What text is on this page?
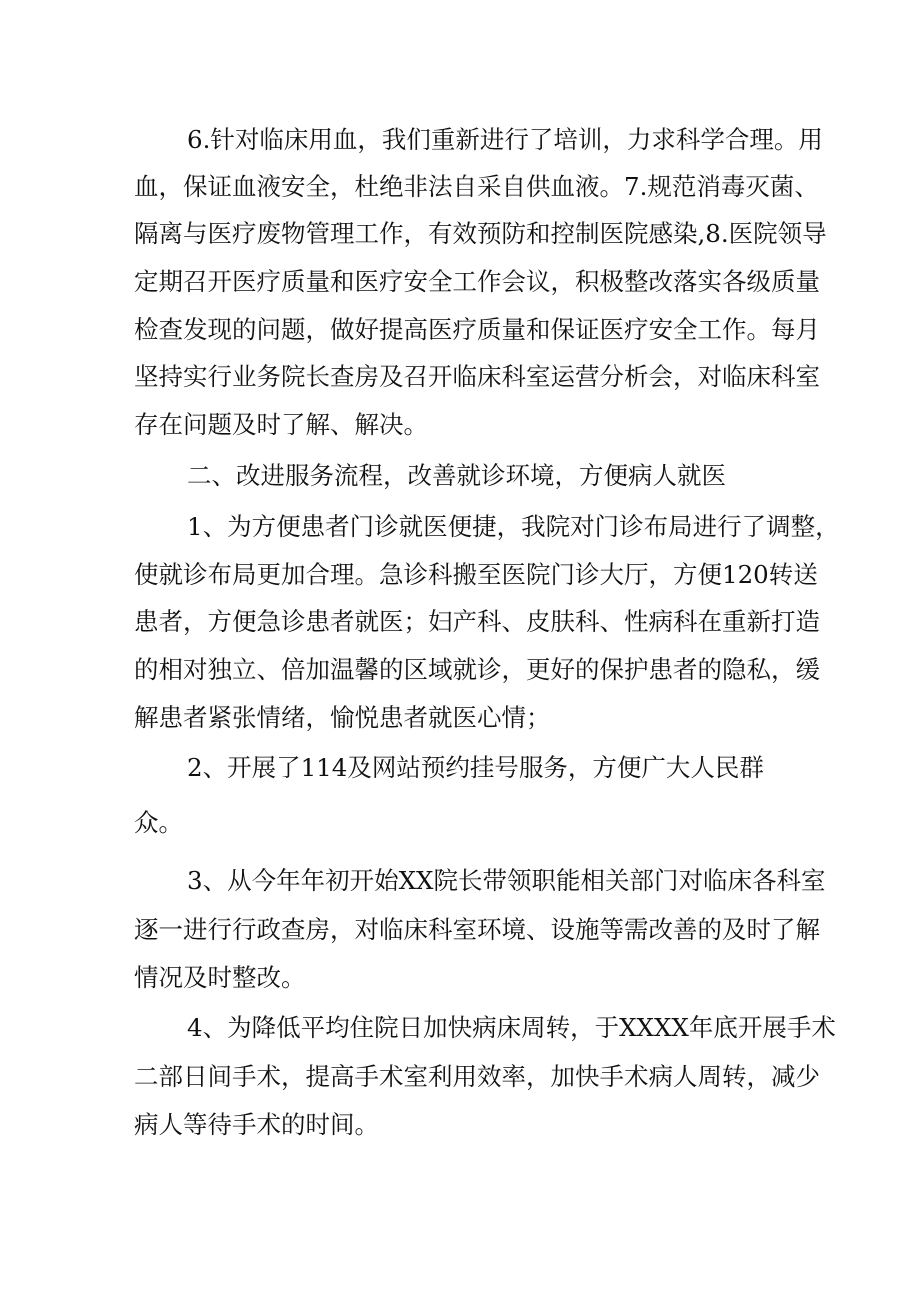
6.针对临床用血，我们重新进行了培训，力求科学合理。用
血，保证血液安全，杜绝非法自采自供血液。7.规范消毒灭菌、
隔离与医疗废物管理工作，有效预防和控制医院感染,8.医院领导
定期召开医疗质量和医疗安全工作会议，积极整改落实各级质量
检查发现的问题，做好提高医疗质量和保证医疗安全工作。每月
坚持实行业务院长查房及召开临床科室运营分析会，对临床科室
存在问题及时了解、解决。
二、改进服务流程，改善就诊环境，方便病人就医
1、为方便患者门诊就医便捷，我院对门诊布局进行了调整，
使就诊布局更加合理。急诊科搬至医院门诊大厅，方便120转送
患者，方便急诊患者就医；妇产科、皮肤科、性病科在重新打造
的相对独立、倍加温馨的区域就诊，更好的保护患者的隐私，缓
解患者紧张情绪，愉悦患者就医心情；
2、开展了114及网站预约挂号服务，方便广大人民群
众。
3、从今年年初开始XX院长带领职能相关部门对临床各科室
逐一进行行政查房，对临床科室环境、设施等需改善的及时了解
情况及时整改。
4、为降低平均住院日加快病床周转，于XXXX年底开展手术
二部日间手术，提高手术室利用效率，加快手术病人周转，减少
病人等待手术的时间。
